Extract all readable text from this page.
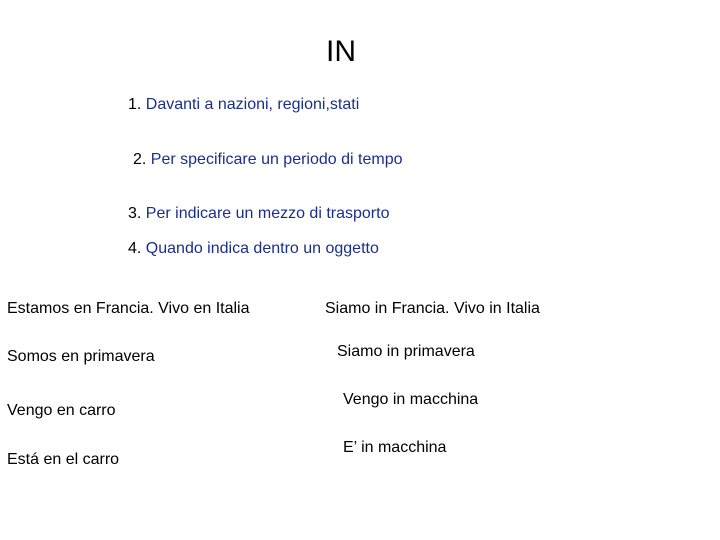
IN
1. Davanti a nazioni, regioni,stati
2. Per specificare un periodo di tempo
3. Per indicare un mezzo di trasporto
4. Quando indica dentro un oggetto
Estamos en Francia. Vivo en Italia	Siamo in Francia. Vivo in Italia
Somos en primavera	Siamo in primavera
Vengo en carro
Vengo in macchina
Está en el carro
E’ in macchina
